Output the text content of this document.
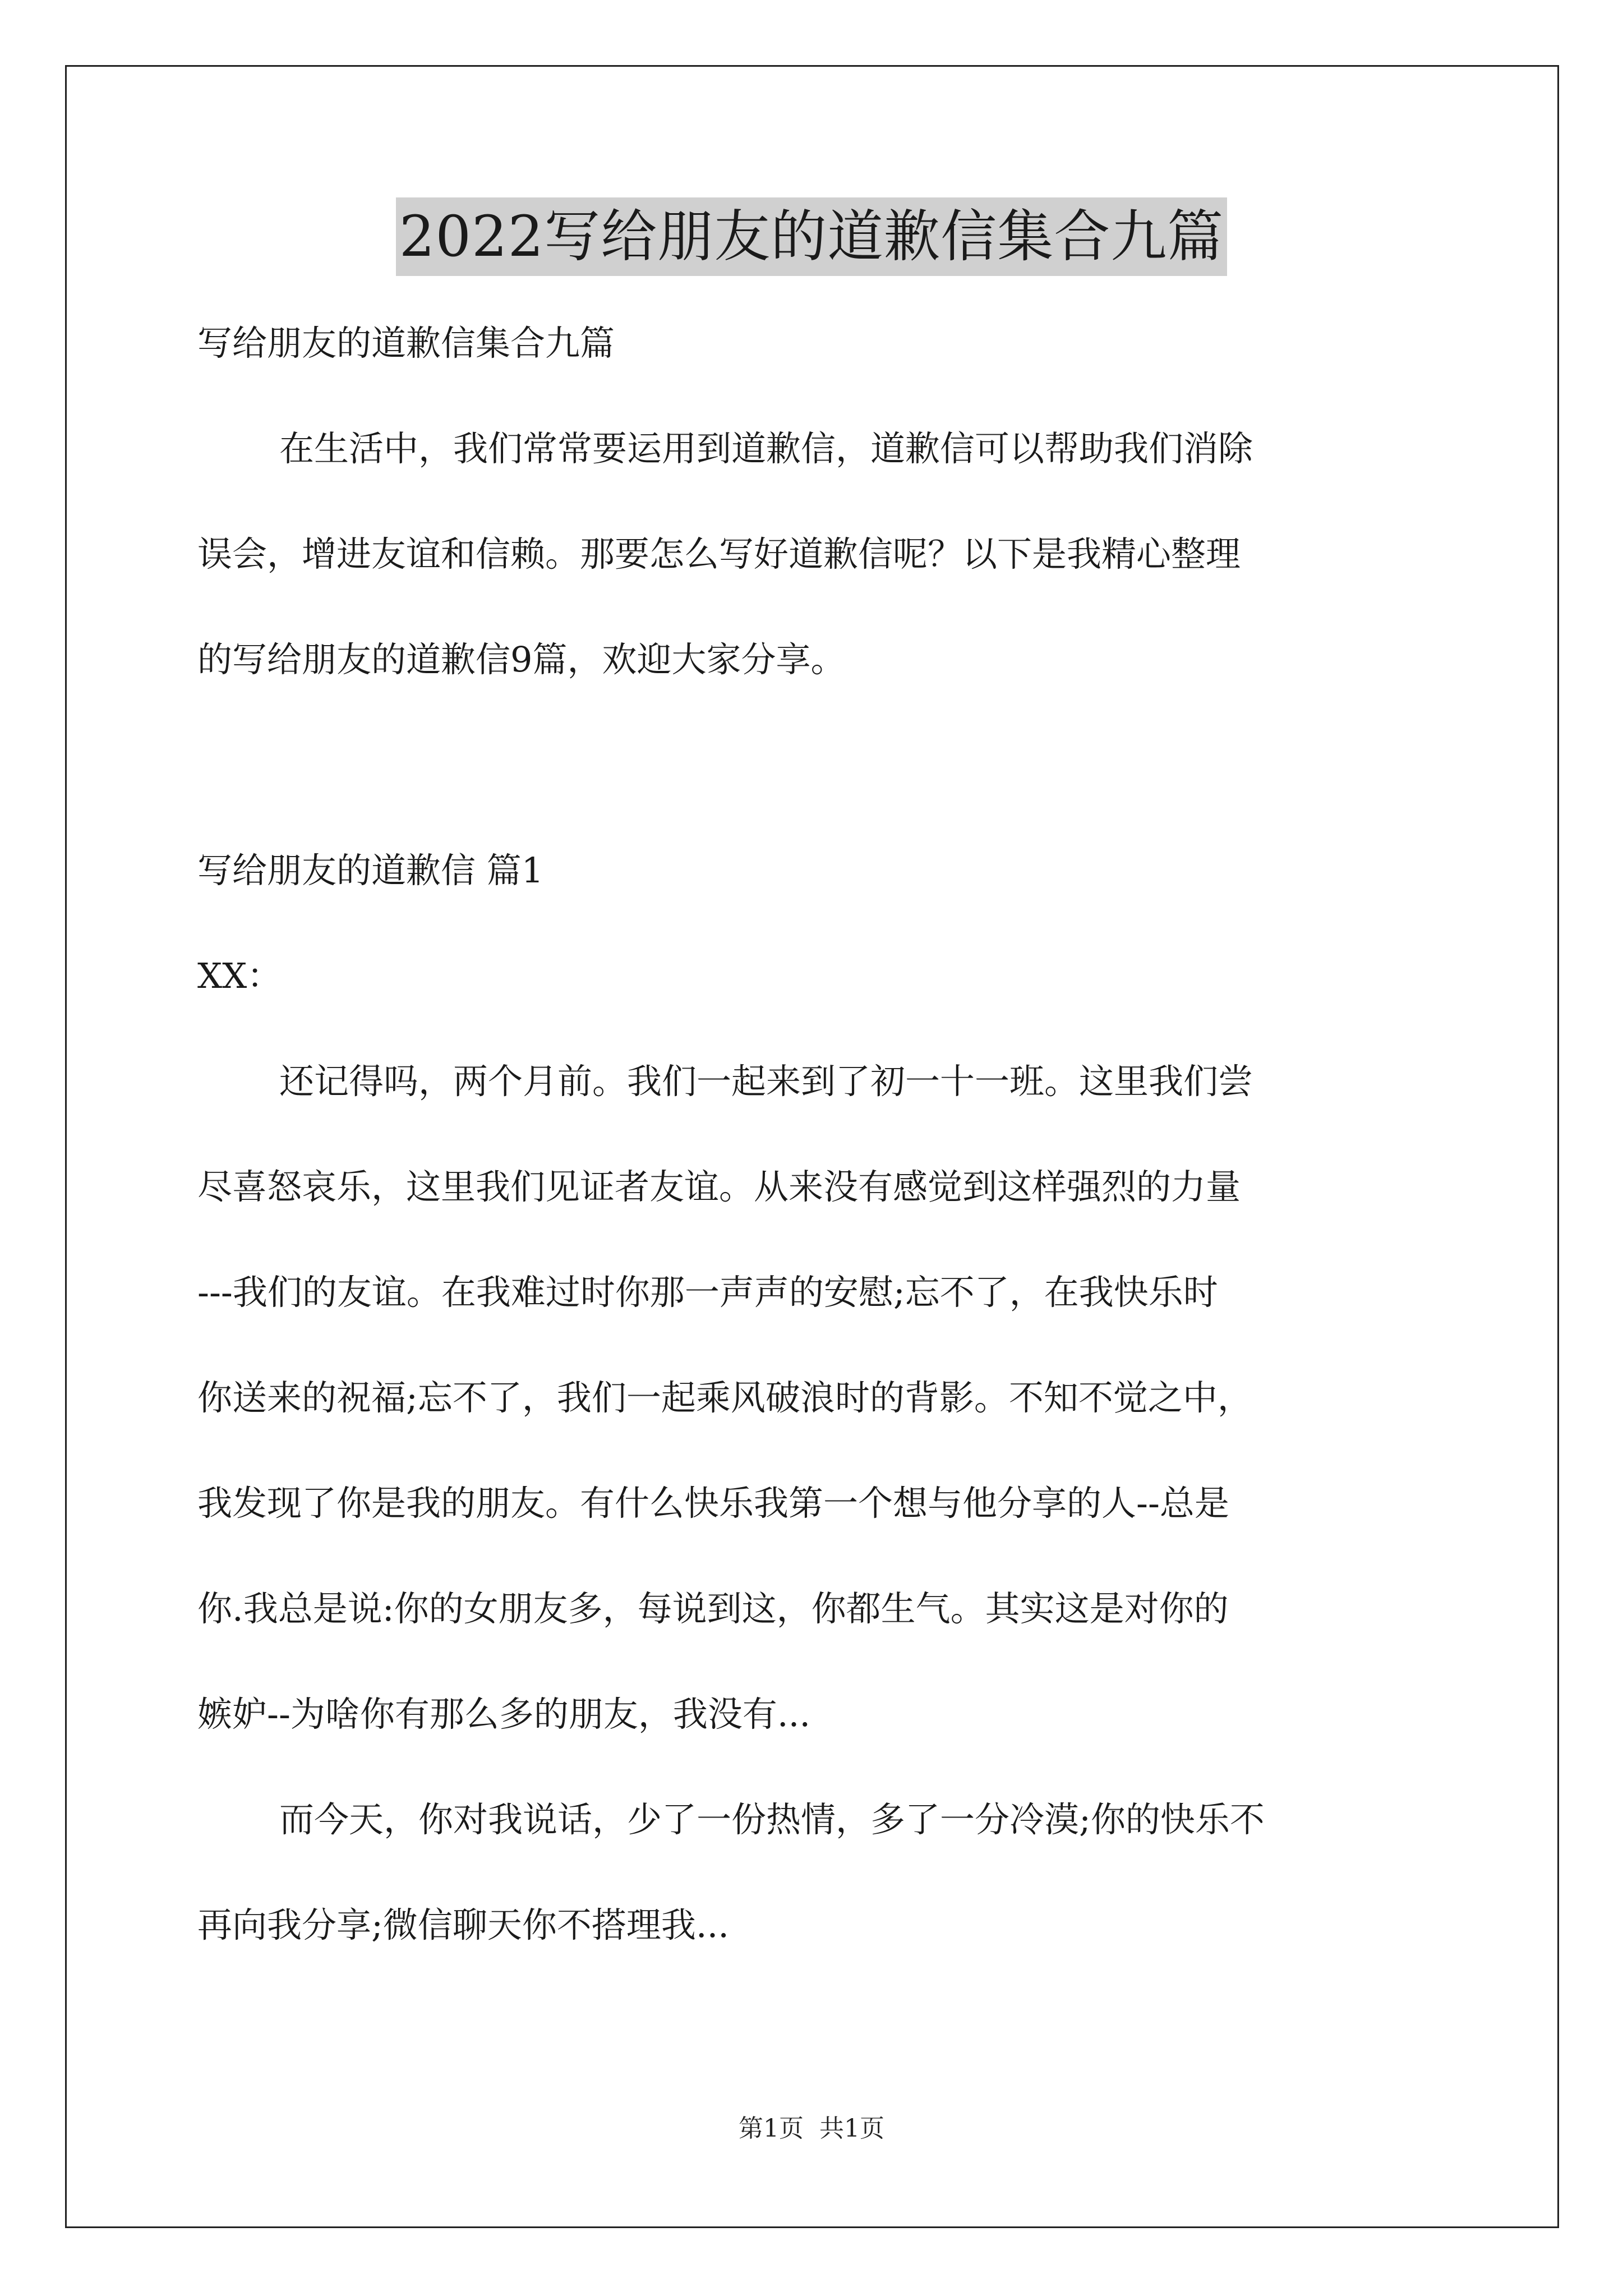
2022写给朋友的道歉信集合九篇

写给朋友的道歉信集合九篇

在生活中，我们常常要运用到道歉信，道歉信可以帮助我们消除

误会，增进友谊和信赖。那要怎么写好道歉信呢？以下是我精心整理

的写给朋友的道歉信9篇，欢迎大家分享。

写给朋友的道歉信 篇1

XX：

还记得吗，两个月前。我们一起来到了初一十一班。这里我们尝

尽喜怒哀乐，这里我们见证者友谊。从来没有感觉到这样强烈的力量

---我们的友谊。在我难过时你那一声声的安慰;忘不了，在我快乐时

你送来的祝福;忘不了，我们一起乘风破浪时的背影。不知不觉之中，

我发现了你是我的朋友。有什么快乐我第一个想与他分享的人--总是

你.我总是说:你的女朋友多，每说到这，你都生气。其实这是对你的

嫉妒--为啥你有那么多的朋友，我没有...

而今天，你对我说话，少了一份热情，多了一分冷漠;你的快乐不

再向我分享;微信聊天你不搭理我...

第1页 共1页
